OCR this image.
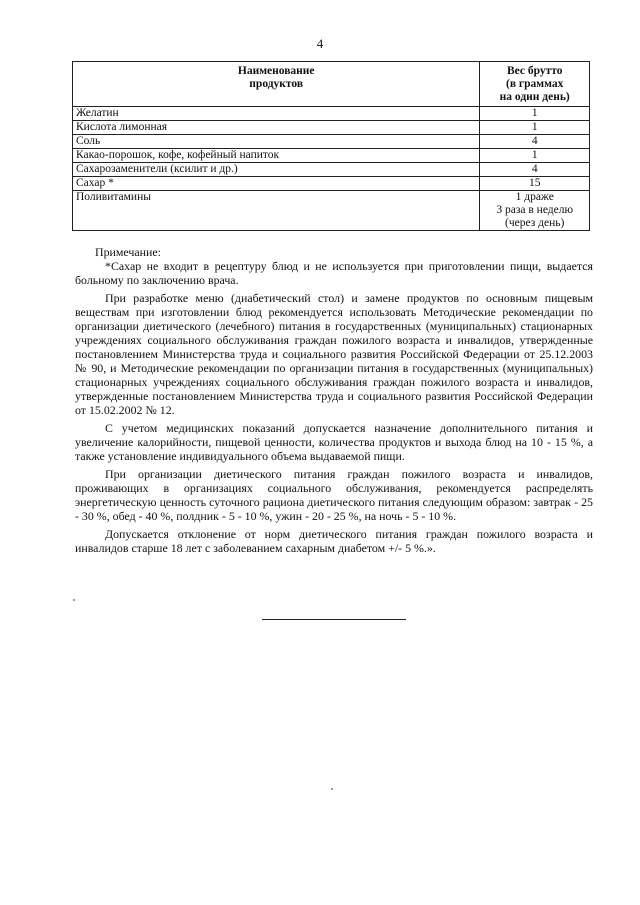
4
Наименование
продуктов	Вес брутто
(в граммах
на один день)

Желатин	1
Кислота лимонная	1
Соль	4
Какао-порошок, кофе, кофейный напиток	1
Сахарозаменители (ксилит и др.)	4
Сахар *	15
Поливитамины	1 драже
3 раза в неделю
(через день)

Примечание:

*Сахар не входит в рецептуру блюд и не используется при приготовлении пищи, выдается больному по заключению врача.

При разработке меню (диабетический стол) и замене продуктов по основным пищевым веществам при изготовлении блюд рекомендуется использовать Методические рекомендации по организации диетического (лечебного) питания в государственных (муниципальных) стационарных учреждениях социального обслуживания граждан пожилого возраста и инвалидов, утвержденные постановлением Министерства труда и социального развития Российской Федерации от 25.12.2003 № 90, и Методические рекомендации по организации питания в государственных (муниципальных) стационарных учреждениях социального обслуживания граждан пожилого возраста и инвалидов, утвержденные постановлением Министерства труда и социального развития Российской Федерации от 15.02.2002 № 12.

С учетом медицинских показаний допускается назначение дополнительного питания и увеличение калорийности, пищевой ценности, количества продуктов и выхода блюд на 10 - 15 %, а также установление индивидуального объема выдаваемой пищи.

При организации диетического питания граждан пожилого возраста и инвалидов, проживающих в организациях социального обслуживания, рекомендуется распределять энергетическую ценность суточного рациона диетического питания следующим образом: завтрак - 25 - 30 %, обед - 40 %, полдник - 5 - 10 %, ужин - 20 - 25 %, на ночь - 5 - 10 %.

Допускается отклонение от норм диетического питания граждан пожилого возраста и инвалидов старше 18 лет с заболеванием сахарным диабетом +/- 5 %.».
